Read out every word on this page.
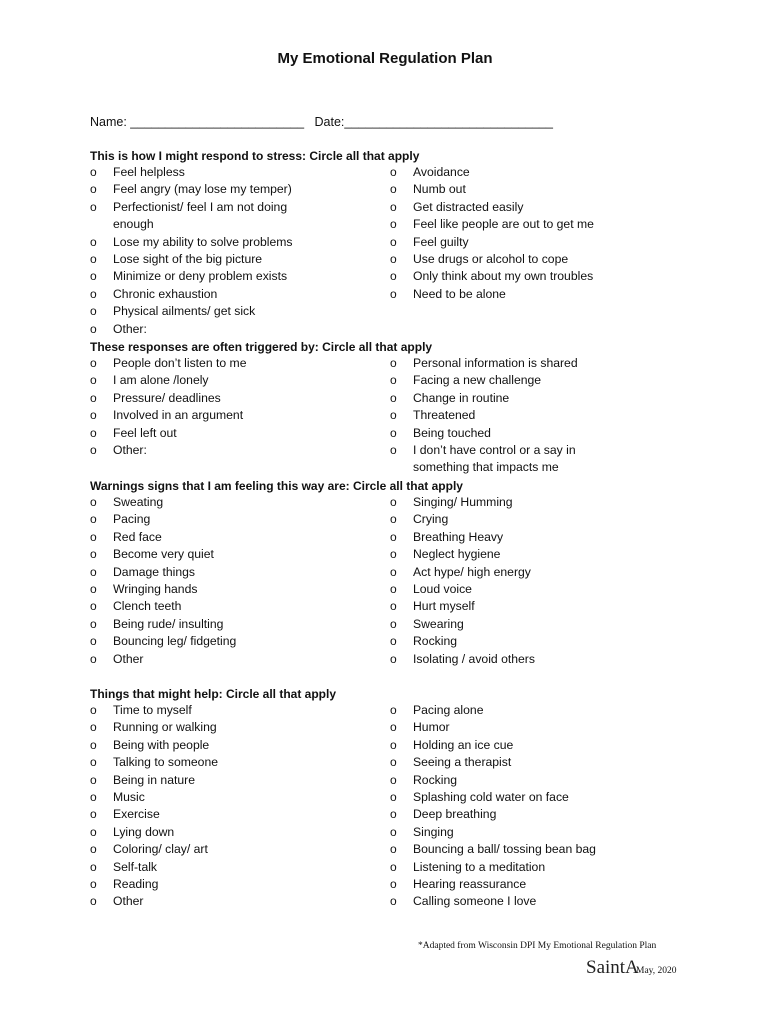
My Emotional Regulation Plan
Name: _________________________   Date:______________________________
This is how I might respond to stress: Circle all that apply
o Feel helpless
o Feel angry (may lose my temper)
o Perfectionist/ feel I am not doing enough
o Lose my ability to solve problems
o Lose sight of the big picture
o Minimize or deny problem exists
o Chronic exhaustion
o Physical ailments/ get sick
o Other:
o Avoidance
o Numb out
o Get distracted easily
o Feel like people are out to get me
o Feel guilty
o Use drugs or alcohol to cope
o Only think about my own troubles
o Need to be alone
These responses are often triggered by: Circle all that apply
o People don’t listen to me
o I am alone /lonely
o Pressure/ deadlines
o Involved in an argument
o Feel left out
o Other:
o Personal information is shared
o Facing a new challenge
o Change in routine
o Threatened
o Being touched
o I don’t have control or a say in something that impacts me
Warnings signs that I am feeling this way are: Circle all that apply
o Sweating
o Pacing
o Red face
o Become very quiet
o Damage things
o Wringing hands
o Clench teeth
o Being rude/ insulting
o Bouncing leg/ fidgeting
o Other
o Singing/ Humming
o Crying
o Breathing Heavy
o Neglect hygiene
o Act hype/ high energy
o Loud voice
o Hurt myself
o Swearing
o Rocking
o Isolating / avoid others
Things that might help: Circle all that apply
o Time to myself
o Running or walking
o Being with people
o Talking to someone
o Being in nature
o Music
o Exercise
o Lying down
o Coloring/ clay/ art
o Self-talk
o Reading
o Other
o Pacing alone
o Humor
o Holding an ice cue
o Seeing a therapist
o Rocking
o Splashing cold water on face
o Deep breathing
o Singing
o Bouncing a ball/ tossing bean bag
o Listening to a meditation
o Hearing reassurance
o Calling someone I love
*Adapted from Wisconsin DPI My Emotional Regulation Plan
SaintA
May, 2020
